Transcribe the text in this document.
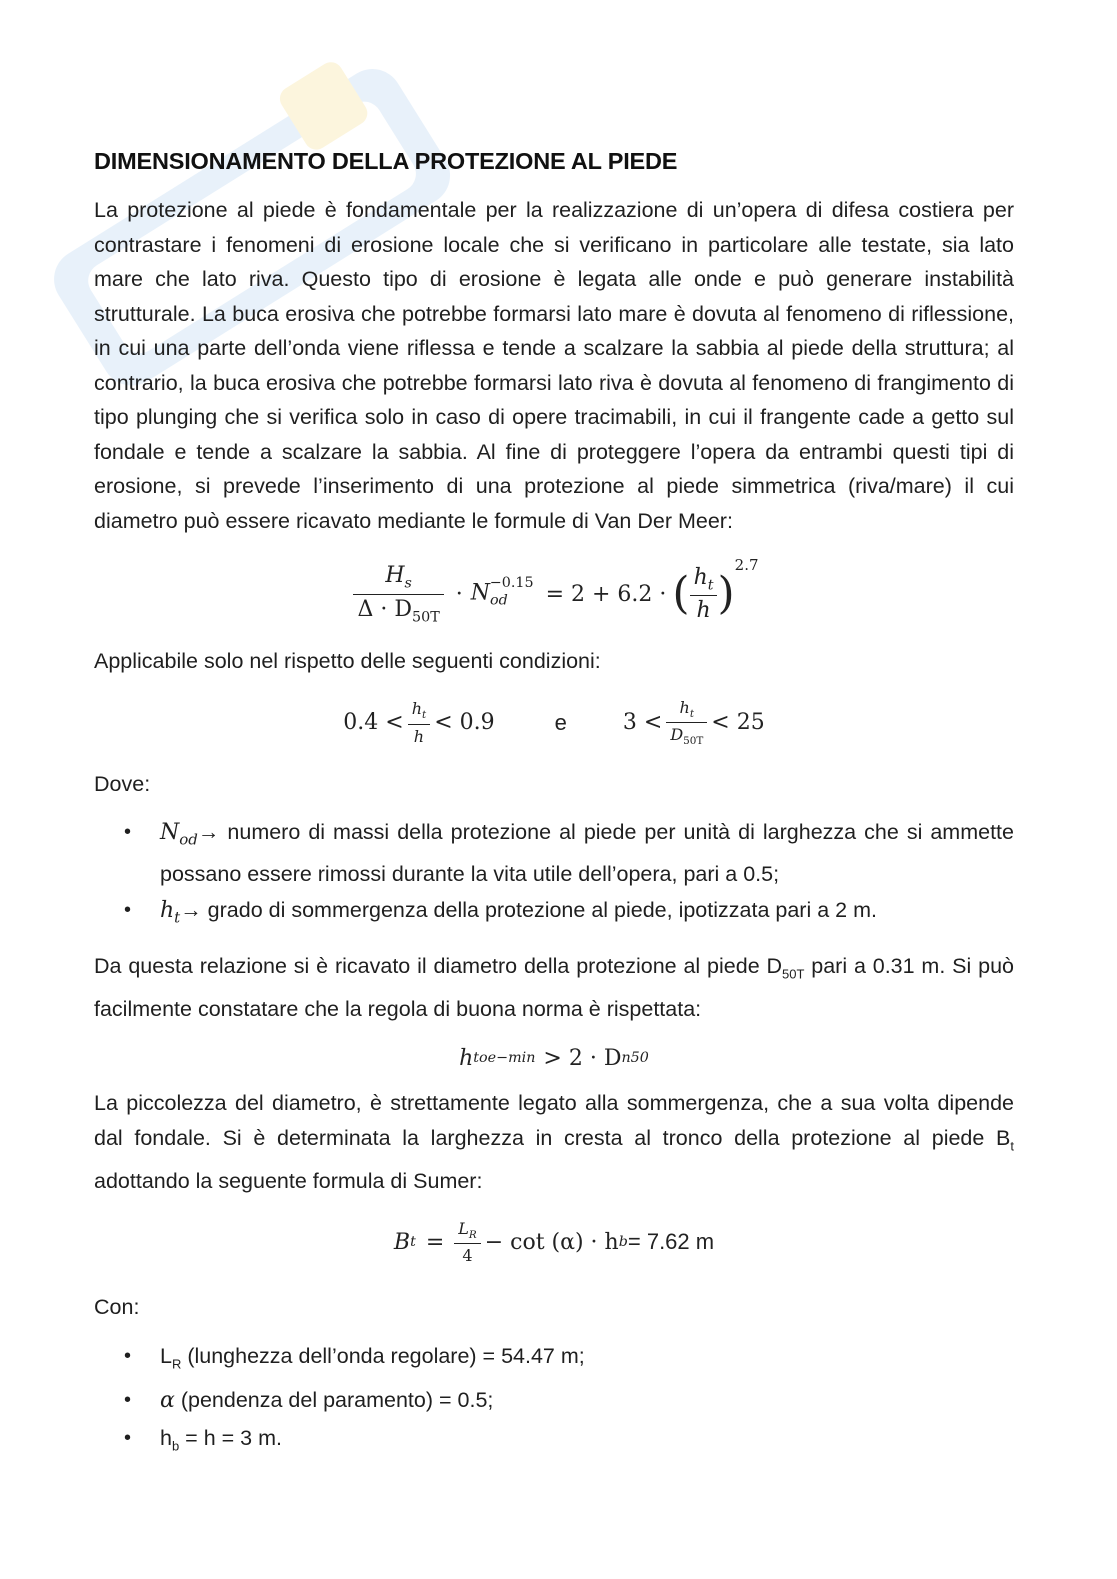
DIMENSIONAMENTO DELLA PROTEZIONE AL PIEDE

La protezione al piede è fondamentale per la realizzazione di un’opera di difesa costiera per contrastare i fenomeni di erosione locale che si verificano in particolare alle testate, sia lato mare che lato riva. Questo tipo di erosione è legata alle onde e può generare instabilità strutturale. La buca erosiva che potrebbe formarsi lato mare è dovuta al fenomeno di riflessione, in cui una parte dell’onda viene riflessa e tende a scalzare la sabbia al piede della struttura; al contrario, la buca erosiva che potrebbe formarsi lato riva è dovuta al fenomeno di frangimento di tipo plunging che si verifica solo in caso di opere tracimabili, in cui il frangente cade a getto sul fondale e tende a scalzare la sabbia. Al fine di proteggere l’opera da entrambi questi tipi di erosione, si prevede l’inserimento di una protezione al piede simmetrica (riva/mare) il cui diametro può essere ricavato mediante le formule di Van Der Meer:

$\frac{H_s}{\Delta \cdot D_{50T}} \cdot N_{od}^{-0.15} = 2 + 6.2$ · ( $\frac{h_t}{h}$ )
$^{2.7}$

Applicabile solo nel rispetto delle seguenti condizioni:

$0.4 < \frac{h_t}{h} < 0.9$	e	$3 < \frac{h_t}{D_{50T}} < 25$

Dove:

• $N_{od}\to$ numero di massi della protezione al piede per unità di larghezza che si ammette possano essere rimossi durante la vita utile dell’opera, pari a 0.5;
• $h_t\to$ grado di sommergenza della protezione al piede, ipotizzata pari a 2 m.

Da questa relazione si è ricavato il diametro della protezione al piede $D_{50T}$ pari a 0.31 m. Si può facilmente constatare che la regola di buona norma è rispettata:

h toe−min > 2 · D n50

La piccolezza del diametro, è strettamente legato alla sommergenza, che a sua volta dipende dal fondale. Si è determinata la larghezza in cresta al tronco della protezione al piede $B_t$ adottando la seguente formula di Sumer:

B $t = \frac{L_R}{4} - \cot (\alpha) \cdot h$ b = 7.62 m

Con:

• $L_R$ (lunghezza dell’onda regolare) = 54.47 m;
• α (pendenza del paramento) = 0.5;
• $h_b = h = 3$ m.
